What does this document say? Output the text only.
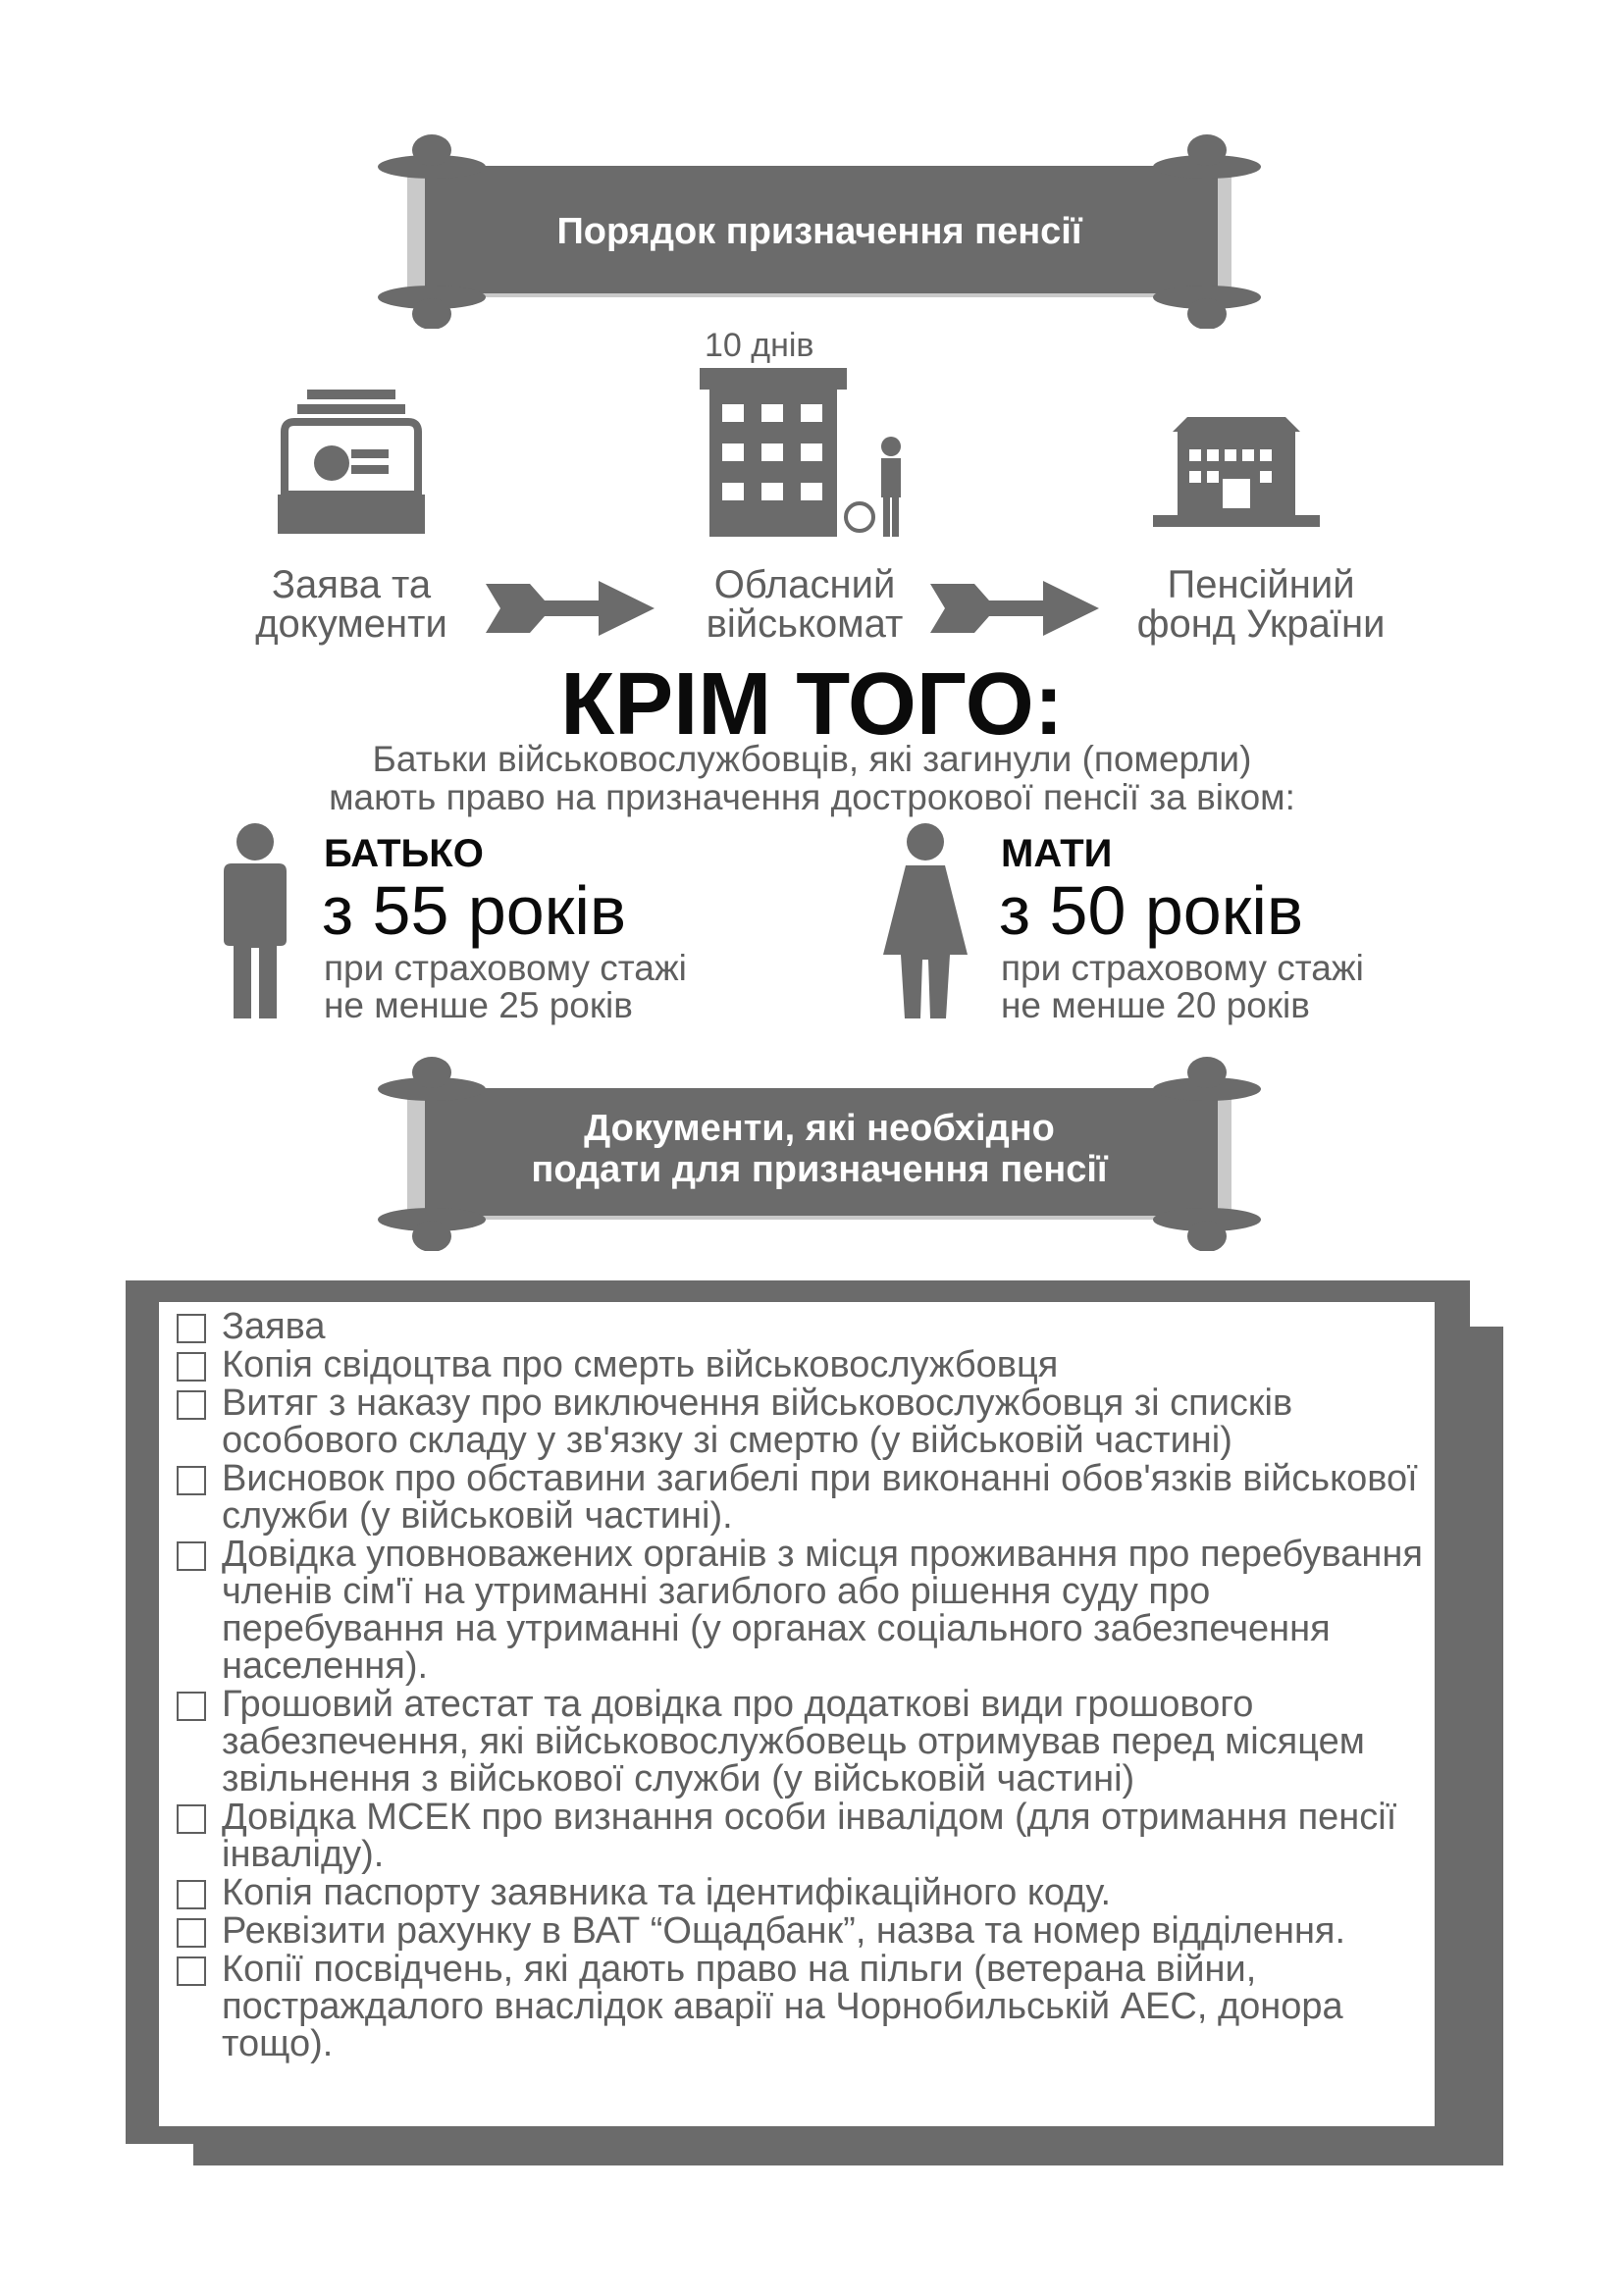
Порядок призначення пенсії
10 днів
Заява та
документи
Обласний
військомат
Пенсійний
фонд України
КРІМ ТОГО:
Батьки військовослужбовців, які загинули (померли)
мають право на призначення дострокової пенсії за віком:
БАТЬКО
з 55 років
при страховому стажі
не менше 25 років
МАТИ
з 50 років
при страховому стажі
не менше 20 років
Документи, які необхідно
подати для призначення пенсії
Заява
Копія свідоцтва про смерть військовослужбовця
Витяг з наказу про виключення військовослужбовця зі списків особового складу у зв'язку зі смертю (у військовій частині)
Висновок про обставини загибелі при виконанні обов'язків військової служби (у військовій частині).
Довідка уповноважених органів з місця проживання про перебування членів сім'ї на утриманні загиблого або рішення суду про перебування на утриманні (у органах соціального забезпечення населення).
Грошовий атестат та довідка про додаткові види грошового забезпечення, які військовослужбовець отримував перед місяцем звільнення з військової служби (у військовій частині)
Довідка МСЕК про визнання особи інвалідом (для отримання пенсії інваліду).
Копія паспорту заявника та ідентифікаційного коду.
Реквізити рахунку в ВАТ “Ощадбанк”, назва та номер відділення.
Копії посвідчень, які дають право на пільги (ветерана війни, постраждалого внаслідок аварії на Чорнобильській АЕС, донора тощо).
